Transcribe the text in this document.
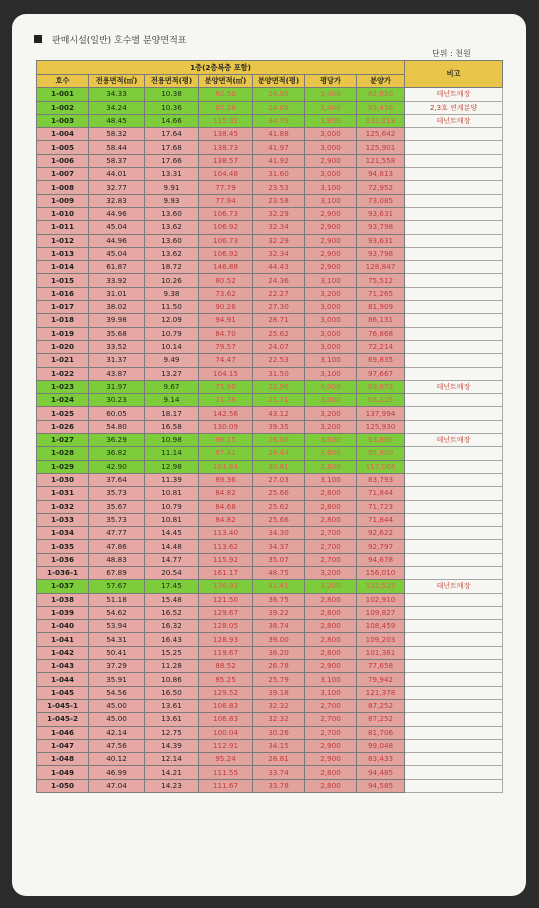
판매시설(일반) 호수별 분양면적표
단위 : 천원
1층(2층복층 포함)							비고
호수	전용면적(㎡)	전용면적(평)	분양면적(㎡)	분양면적(평)	평당가	분양가	
1-001	34.33	10.38	82.50	24.95	3,400	82,820	테넌트매장
1-002	34.24	10.36	82.28	24.89	3,400	83,436	2,3호 연계분양
1-003	48.45	14.66	115.02	34.79	3,800	132,213	테넌트매장
1-004	58.32	17.64	138.45	41.88	3,000	125,642	
1-005	58.44	17.68	138.73	41.97	3,000	125,901	
1-006	58.37	17.66	138.57	41.92	2,900	121,558	
1-007	44.01	13.31	104.48	31.60	3,000	94,813	
1-008	32.77	9.91	77.79	23.53	3,100	72,952	
1-009	32.83	9.93	77.94	23.58	3,100	73,085	
1-010	44.96	13.60	106.73	32.29	2,900	93,631	
1-011	45.04	13.62	106.92	32.34	2,900	93,798	
1-012	44.96	13.60	106.73	32.29	2,900	93,631	
1-013	45.04	13.62	106.92	32.34	2,900	93,798	
1-014	61.87	18.72	146.88	44.43	2,900	128,847	
1-015	33.92	10.26	80.52	24.36	3,100	75,512	
1-016	31.01	9.38	73.62	22.27	3,200	71,265	
1-017	38.02	11.50	90.26	27.30	3,000	81,909	
1-018	39.98	12.09	94.91	28.71	3,000	86,131	
1-019	35.68	10.79	84.70	25.62	3,000	76,868	
1-020	33.52	10.14	79.57	24.07	3,000	72,214	
1-021	31.37	9.49	74.47	22.53	3,100	69,835	
1-022	43.87	13.27	104.15	31.50	3,100	97,667	
1-023	31.97	9.67	75.90	22.96	3,000	68,873	테넌트매장
1-024	30.23	9.14	71.76	21.71	3,000	65,125	
1-025	60.05	18.17	142.56	43.12	3,200	137,994	
1-026	54.80	16.58	130.09	39.35	3,200	125,930	
1-027	36.29	10.98	86.15	26.06	3,600	93,805	테넌트매장
1-028	36.82	11.14	87.41	26.44	3,600	95,900	
1-029	42.90	12.98	101.84	30.81	3,800	117,068	
1-030	37.64	11.39	89.36	27.03	3,100	83,793	
1-031	35.73	10.81	84.82	25.66	2,800	71,844	
1-032	35.67	10.79	84.68	25.62	2,800	71,723	
1-033	35.73	10.81	84.82	25.66	2,800	71,844	
1-034	47.77	14.45	113.40	34.30	2,700	92,622	
1-035	47.86	14.48	113.62	34.37	2,700	92,797	
1-036	48.83	14.77	115.92	35.07	2,700	94,678	
1-036-1	67.89	20.54	161.17	48.75	3,200	156,010	
1-037	57.67	17.45	136.91	41.41	3,200	132,525	테넌트매장
1-038	51.18	15.48	121.50	36.75	2,800	102,910	
1-039	54.62	16.52	129.67	39.22	2,800	109,827	
1-040	53.94	16.32	128.05	38.74	2,800	108,459	
1-041	54.31	16.43	128.93	39.00	2,800	109,203	
1-042	50.41	15.25	119.67	36.20	2,800	101,361	
1-043	37.29	11.28	88.52	26.78	2,900	77,658	
1-044	35.91	10.86	85.25	25.79	3,100	79,942	
1-045	54.56	16.50	129.52	39.18	3,100	121,378	
1-045-1	45.00	13.61	106.83	32.32	2,700	87,252	
1-045-2	45.00	13.61	106.83	32.32	2,700	87,252	
1-046	42.14	12.75	100.04	30.26	2,700	81,706	
1-047	47.56	14.39	112.91	34.15	2,900	99,048	
1-048	40.12	12.14	95.24	28.81	2,900	83,433	
1-049	46.99	14.21	111.55	33.74	2,800	94,485	
1-050	47.04	14.23	111.67	33.78	2,800	94,585	
